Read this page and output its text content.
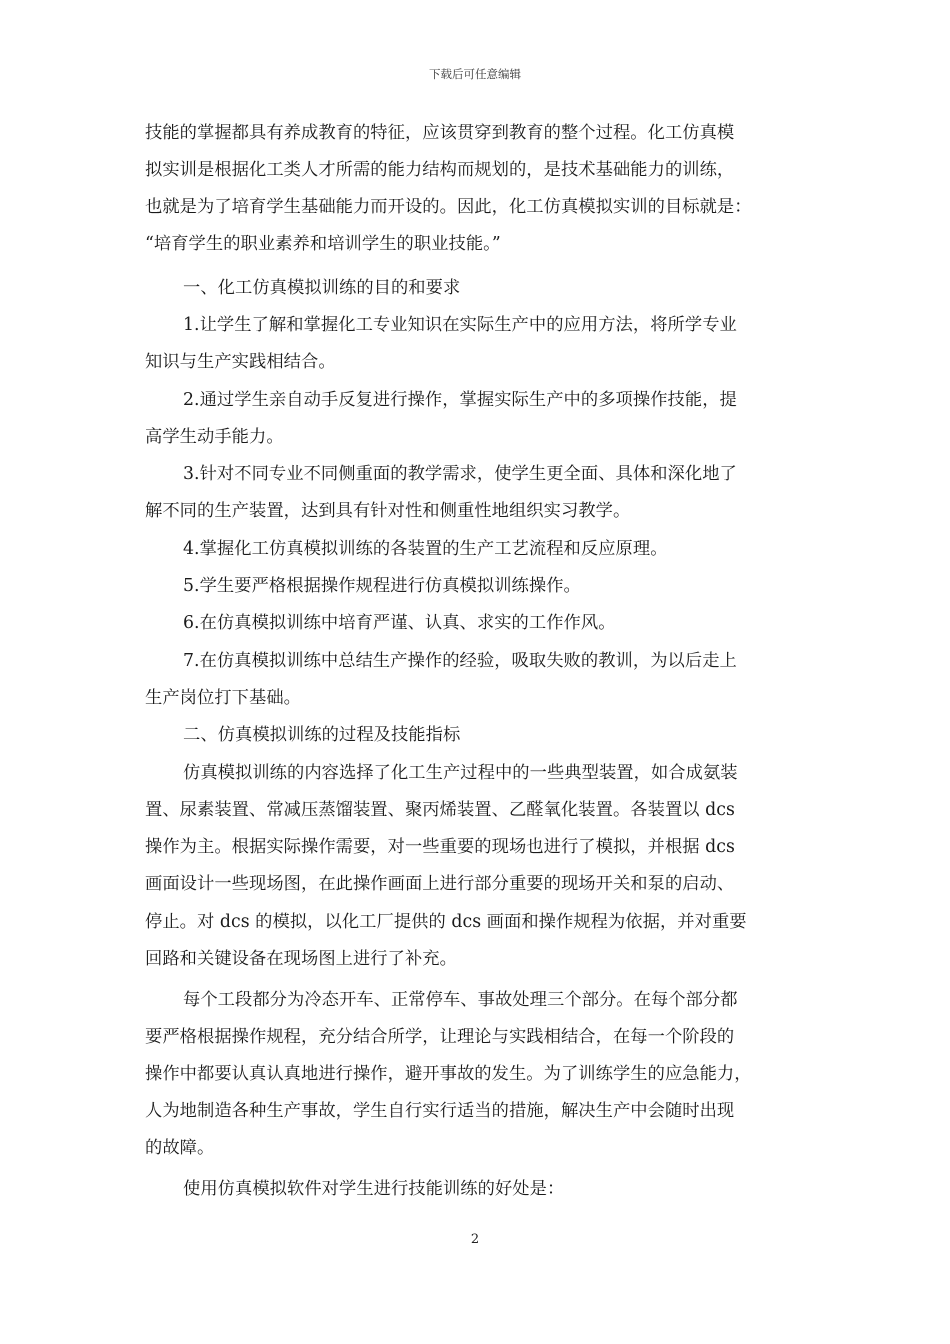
下载后可任意编辑
技能的掌握都具有养成教育的特征，应该贯穿到教育的整个过程。化工仿真模
拟实训是根据化工类人才所需的能力结构而规划的，是技术基础能力的训练，
也就是为了培育学生基础能力而开设的。因此，化工仿真模拟实训的目标就是：
“培育学生的职业素养和培训学生的职业技能。”
一、化工仿真模拟训练的目的和要求
1.让学生了解和掌握化工专业知识在实际生产中的应用方法，将所学专业
知识与生产实践相结合。
2.通过学生亲自动手反复进行操作，掌握实际生产中的多项操作技能，提
高学生动手能力。
3.针对不同专业不同侧重面的教学需求，使学生更全面、具体和深化地了
解不同的生产装置，达到具有针对性和侧重性地组织实习教学。
4.掌握化工仿真模拟训练的各装置的生产工艺流程和反应原理。
5.学生要严格根据操作规程进行仿真模拟训练操作。
6.在仿真模拟训练中培育严谨、认真、求实的工作作风。
7.在仿真模拟训练中总结生产操作的经验，吸取失败的教训，为以后走上
生产岗位打下基础。
二、仿真模拟训练的过程及技能指标
仿真模拟训练的内容选择了化工生产过程中的一些典型装置，如合成氨装
置、尿素装置、常减压蒸馏装置、聚丙烯装置、乙醛氧化装置。各装置以 dcs
操作为主。根据实际操作需要，对一些重要的现场也进行了模拟，并根据 dcs
画面设计一些现场图，在此操作画面上进行部分重要的现场开关和泵的启动、
停止。对 dcs 的模拟，以化工厂提供的 dcs 画面和操作规程为依据，并对重要
回路和关键设备在现场图上进行了补充。
每个工段都分为冷态开车、正常停车、事故处理三个部分。在每个部分都
要严格根据操作规程，充分结合所学，让理论与实践相结合，在每一个阶段的
操作中都要认真认真地进行操作，避开事故的发生。为了训练学生的应急能力，
人为地制造各种生产事故，学生自行实行适当的措施，解决生产中会随时出现
的故障。
使用仿真模拟软件对学生进行技能训练的好处是：
2
